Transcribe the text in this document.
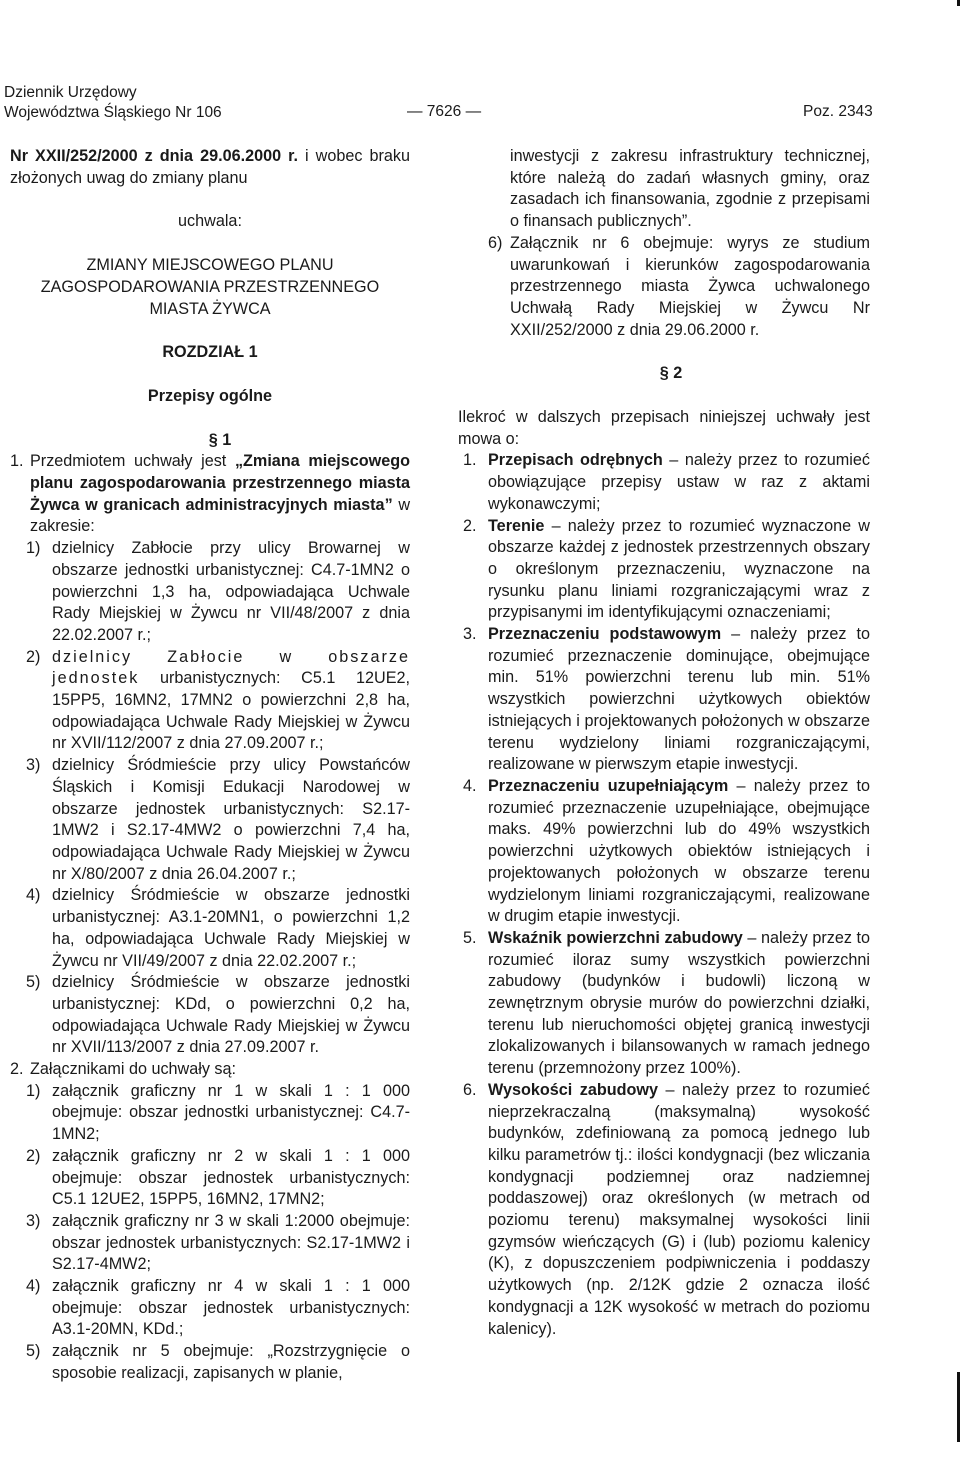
Dziennik Urzędowy
Województwa Śląskiego Nr 106	— 7626 —	Poz. 2343

Nr XXII/252/2000 z dnia 29.06.2000 r. i wobec braku złożonych uwag do zmiany planu

uchwala:

ZMIANY MIEJSCOWEGO PLANU ZAGOSPODAROWANIA PRZESTRZENNEGO MIASTA ŻYWCA

ROZDZIAŁ 1

Przepisy ogólne

§ 1

1. Przedmiotem uchwały jest „Zmiana miejscowego planu zagospodarowania przestrzennego miasta Żywca w granicach administracyjnych miasta” w zakresie:

1) dzielnicy Zabłocie przy ulicy Browarnej w obszarze jednostki urbanistycznej: C4.7-1MN2 o powierzchni 1,3 ha, odpowiadająca Uchwale Rady Miejskiej w Żywcu nr VII/48/2007 z dnia 22.02.2007 r.;

2) dzielnicy Zabłocie w obszarze jednostek urbanistycznych: C5.1 12UE2, 15PP5, 16MN2, 17MN2 o powierzchni 2,8 ha, odpowiadająca Uchwale Rady Miejskiej w Żywcu nr XVII/112/2007 z dnia 27.09.2007 r.;

3) dzielnicy Śródmieście przy ulicy Powstańców Śląskich i Komisji Edukacji Narodowej w obszarze jednostek urbanistycznych: S2.17-1MW2 i S2.17-4MW2 o powierzchni 7,4 ha, odpowiadająca Uchwale Rady Miejskiej w Żywcu nr X/80/2007 z dnia 26.04.2007 r.;

4) dzielnicy Śródmieście w obszarze jednostki urbanistycznej: A3.1-20MN1, o powierzchni 1,2 ha, odpowiadająca Uchwale Rady Miejskiej w Żywcu nr VII/49/2007 z dnia 22.02.2007 r.;

5) dzielnicy Śródmieście w obszarze jednostki urbanistycznej: KDd, o powierzchni 0,2 ha, odpowiadająca Uchwale Rady Miejskiej w Żywcu nr XVII/113/2007 z dnia 27.09.2007 r.

2. Załącznikami do uchwały są:

1) załącznik graficzny nr 1 w skali 1 : 1 000 obejmuje: obszar jednostki urbanistycznej: C4.7-1MN2;

2) załącznik graficzny nr 2 w skali 1 : 1 000 obejmuje: obszar jednostek urbanistycznych: C5.1 12UE2, 15PP5, 16MN2, 17MN2;

3) załącznik graficzny nr 3 w skali 1:2000 obejmuje: obszar jednostek urbanistycznych: S2.17-1MW2 i S2.17-4MW2;

4) załącznik graficzny nr 4 w skali 1 : 1 000 obejmuje: obszar jednostek urbanistycznych: A3.1-20MN, KDd.;

5) załącznik nr 5 obejmuje: „Rozstrzygnięcie o sposobie realizacji, zapisanych w planie,

inwestycji z zakresu infrastruktury technicznej, które należą do zadań własnych gminy, oraz zasadach ich finansowania, zgodnie z przepisami o finansach publicznych”.

6) Załącznik nr 6 obejmuje: wyrys ze studium uwarunkowań i kierunków zagospodarowania przestrzennego miasta Żywca uchwalonego Uchwałą Rady Miejskiej w Żywcu Nr XXII/252/2000 z dnia 29.06.2000 r.

§ 2

Ilekroć w dalszych przepisach niniejszej uchwały jest mowa o:

1. Przepisach odrębnych – należy przez to rozumieć obowiązujące przepisy ustaw w raz z aktami wykonawczymi;

2. Terenie – należy przez to rozumieć wyznaczone w obszarze każdej z jednostek przestrzennych obszary o określonym przeznaczeniu, wyznaczone na rysunku planu liniami rozgraniczającymi wraz z przypisanymi im identyfikującymi oznaczeniami;

3. Przeznaczeniu podstawowym – należy przez to rozumieć przeznaczenie dominujące, obejmujące min. 51% powierzchni terenu lub min. 51% wszystkich powierzchni użytkowych obiektów istniejących i projektowanych położonych w obszarze terenu wydzielony liniami rozgraniczającymi, realizowane w pierwszym etapie inwestycji.

4. Przeznaczeniu uzupełniającym – należy przez to rozumieć przeznaczenie uzupełniające, obejmujące maks. 49% powierzchni lub do 49% wszystkich powierzchni użytkowych obiektów istniejących i projektowanych położonych w obszarze terenu wydzielonym liniami rozgraniczającymi, realizowane w drugim etapie inwestycji.

5. Wskaźnik powierzchni zabudowy – należy przez to rozumieć iloraz sumy wszystkich powierzchni zabudowy (budynków i budowli) liczoną w zewnętrznym obrysie murów do powierzchni działki, terenu lub nieruchomości objętej granicą inwestycji zlokalizowanych i bilansowanych w ramach jednego terenu (przemnożony przez 100%).

6. Wysokości zabudowy – należy przez to rozumieć nieprzekraczalną (maksymalną) wysokość budynków, zdefiniowaną za pomocą jednego lub kilku parametrów tj.: ilości kondygnacji (bez wliczania kondygnacji podziemnej oraz nadziemnej poddaszowej) oraz określonych (w metrach od poziomu terenu) maksymalnej wysokości linii gzymsów wieńczących (G) i (lub) poziomu kalenicy (K), z dopuszczeniem podpiwniczenia i poddaszy użytkowych (np. 2/12K gdzie 2 oznacza ilość kondygnacji a 12K wysokość w metrach do poziomu kalenicy).
